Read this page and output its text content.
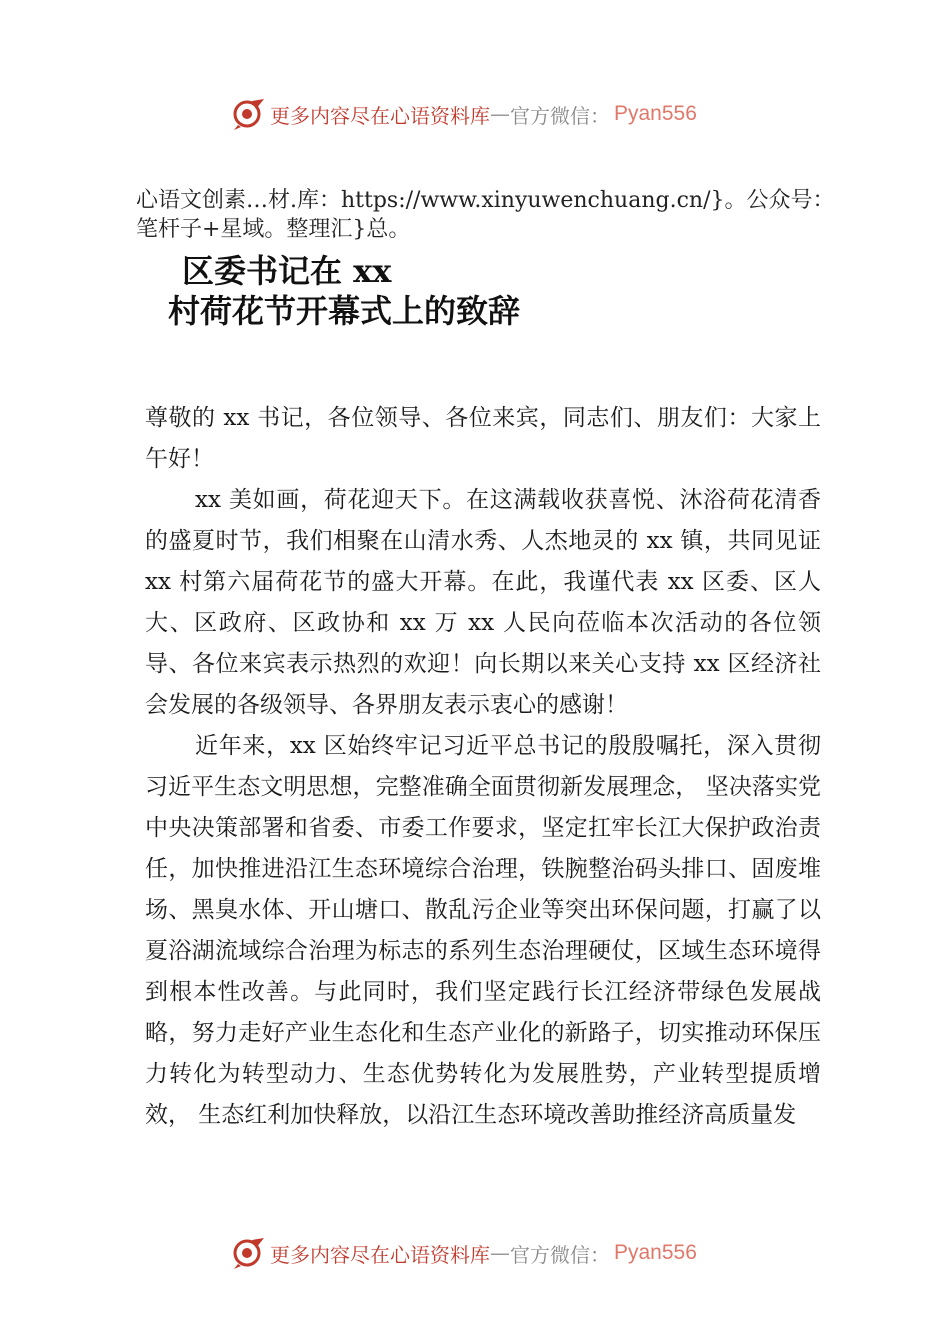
更多内容尽在心语资料库 — 官方微信： Pyan556
心语文创素…材.库：https://www.xinyuwenchuang.cn/}。公众号：笔杆子+星域。整理汇}总。
区委书记在 xx
村荷花节开幕式上的致辞

尊敬的 xx 书记，各位领导、各位来宾，同志们、朋友们：大家上午好！

xx 美如画，荷花迎天下。在这满载收获喜悦、沐浴荷花清香的盛夏时节，我们相聚在山清水秀、人杰地灵的 xx 镇，共同见证 xx 村第六届荷花节的盛大开幕。在此，我谨代表 xx 区委、区人大、区政府、区政协和 xx 万 xx 人民向莅临本次活动的各位领导、各位来宾表示热烈的欢迎！向长期以来关心支持 xx 区经济社会发展的各级领导、各界朋友表示衷心的感谢！

近年来，xx 区始终牢记习近平总书记的殷殷嘱托，深入贯彻习近平生态文明思想，完整准确全面贯彻新发展理念， 坚决落实党中央决策部署和省委、市委工作要求，坚定扛牢长江大保护政治责任，加快推进沿江生态环境综合治理，铁腕整治码头排口、固废堆场、黑臭水体、开山塘口、散乱污企业等突出环保问题，打赢了以夏浴湖流域综合治理为标志的系列生态治理硬仗，区域生态环境得到根本性改善。与此同时，我们坚定践行长江经济带绿色发展战略，努力走好产业生态化和生态产业化的新路子，切实推动环保压力转化为转型动力、生态优势转化为发展胜势，产业转型提质增效， 生态红利加快释放，以沿江生态环境改善助推经济高质量发

更多内容尽在心语资料库 — 官方微信： Pyan556
